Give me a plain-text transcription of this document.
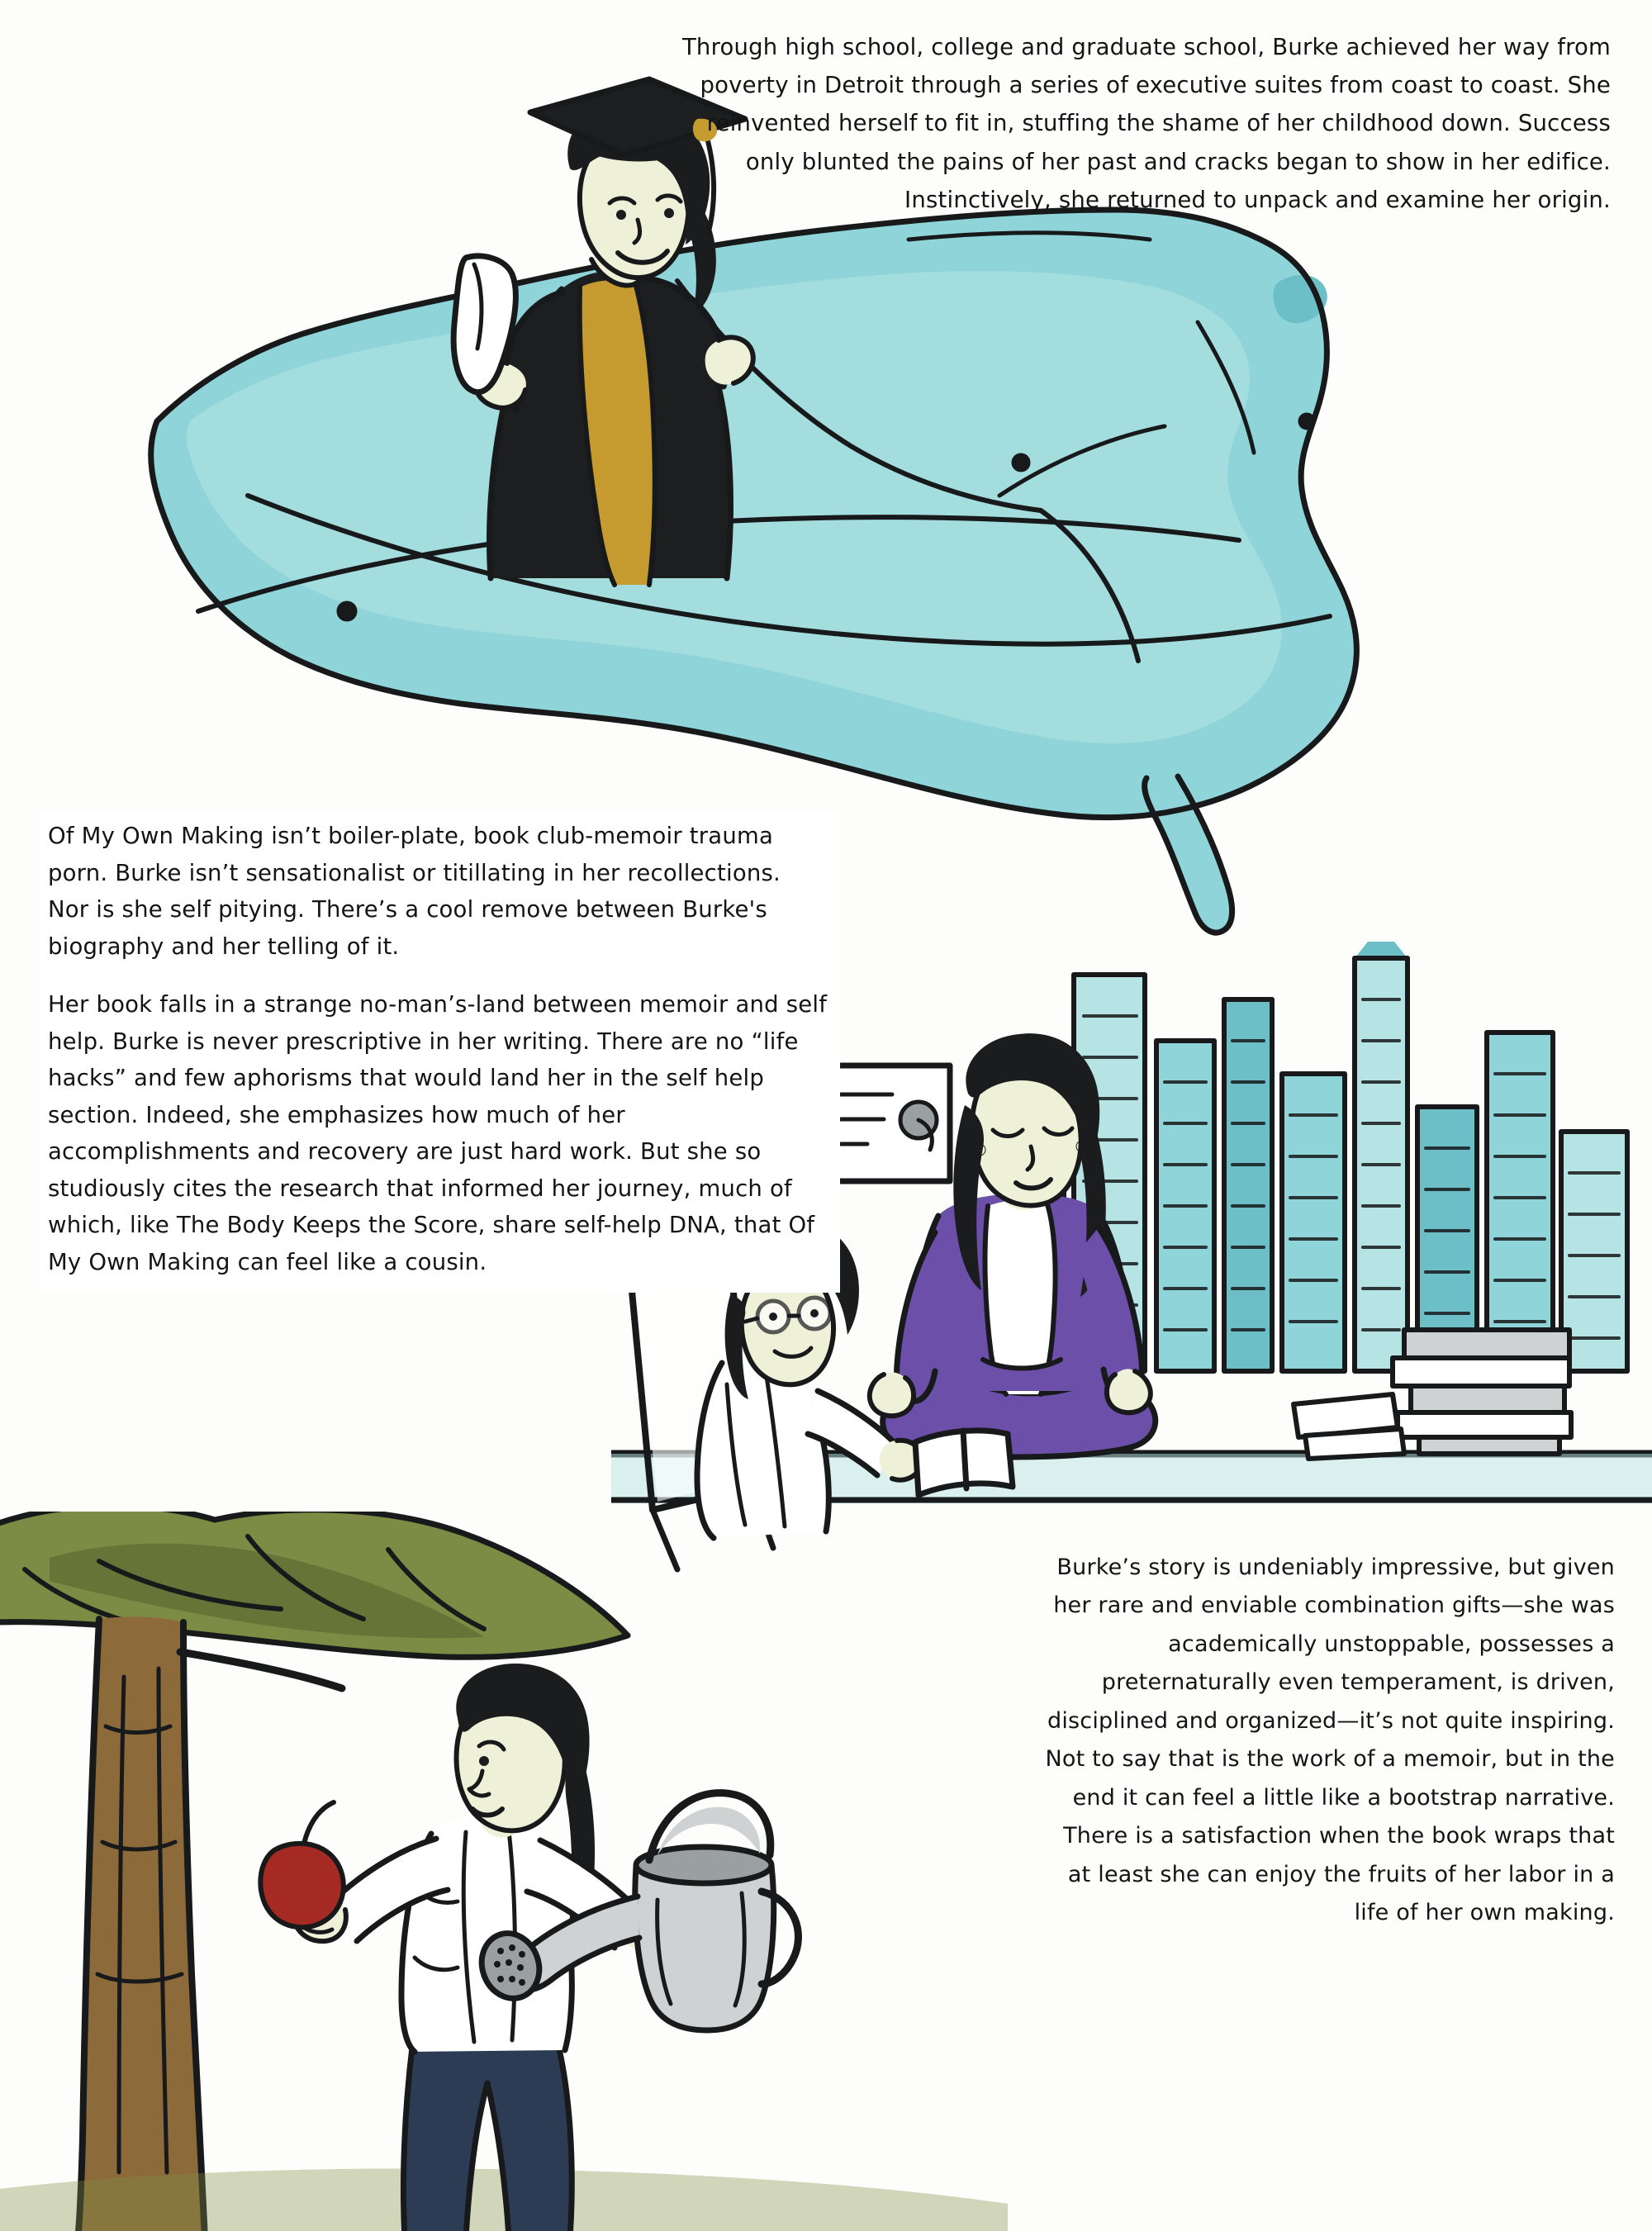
Through high school, college and graduate school, Burke achieved her way from poverty in Detroit through a series of executive suites from coast to coast. She reinvented herself to fit in, stuffing the shame of her childhood down. Success only blunted the pains of her past and cracks began to show in her edifice. Instinctively, she returned to unpack and examine her origin.

Of My Own Making isn’t boiler-plate, book club-memoir trauma porn. Burke isn’t sensationalist or titillating in her recollections. Nor is she self pitying. There’s a cool remove between Burke's biography and her telling of it.

Her book falls in a strange no-man’s-land between memoir and self help. Burke is never prescriptive in her writing. There are no “life hacks” and few aphorisms that would land her in the self help section. Indeed, she emphasizes how much of her accomplishments and recovery are just hard work. But she so studiously cites the research that informed her journey, much of which, like The Body Keeps the Score, share self-help DNA, that Of My Own Making can feel like a cousin.

Burke’s story is undeniably impressive, but given her rare and enviable combination gifts—she was academically unstoppable, possesses a preternaturally even temperament, is driven, disciplined and organized—it’s not quite inspiring. Not to say that is the work of a memoir, but in the end it can feel a little like a bootstrap narrative. There is a satisfaction when the book wraps that at least she can enjoy the fruits of her labor in a life of her own making.
